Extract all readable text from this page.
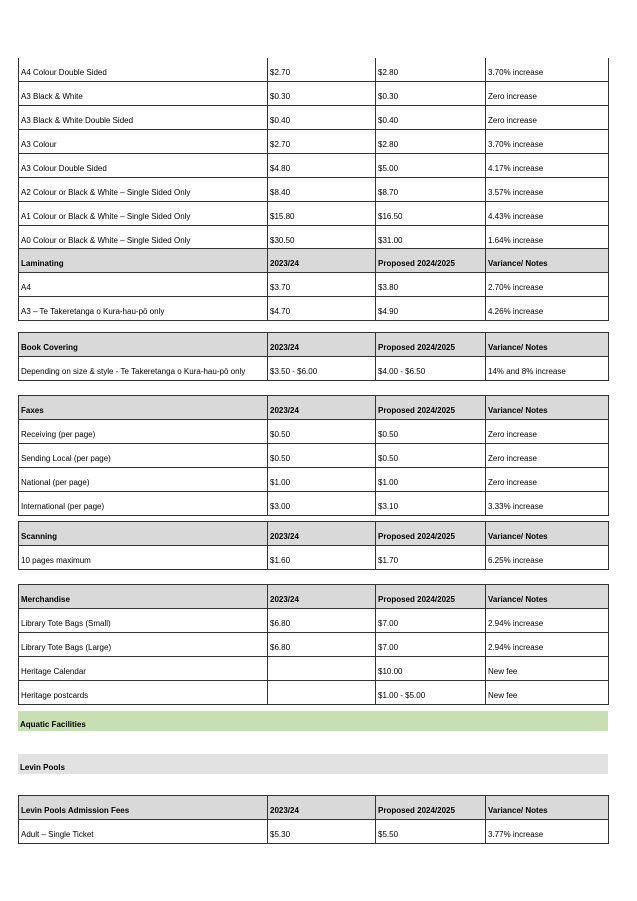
A4 Colour Double Sided	$2.70	$2.80	3.70% increase
A3 Black & White	$0.30	$0.30	Zero increase
A3 Black & White Double Sided	$0.40	$0.40	Zero increase
A3 Colour	$2.70	$2.80	3.70% increase
A3 Colour Double Sided	$4.80	$5.00	4.17% increase
A2 Colour or Black & White – Single Sided Only	$8.40	$8.70	3.57% increase
A1 Colour or Black & White – Single Sided Only	$15.80	$16.50	4.43% increase
A0 Colour or Black & White – Single Sided Only	$30.50	$31.00	1.64% increase
Laminating	2023/24	Proposed 2024/2025	Variance/ Notes
A4	$3.70	$3.80	2.70% increase
A3 – Te Takeretanga o Kura-hau-pō only	$4.70	$4.90	4.26% increase
Book Covering	2023/24	Proposed 2024/2025	Variance/ Notes
Depending on size & style - Te Takeretanga o Kura-hau-pō only	$3.50 - $6.00	$4.00 - $6.50	14% and 8% increase
Faxes	2023/24	Proposed 2024/2025	Variance/ Notes
Receiving (per page)	$0.50	$0.50	Zero increase
Sending Local (per page)	$0.50	$0.50	Zero increase
National (per page)	$1.00	$1.00	Zero increase
International (per page)	$3.00	$3.10	3.33% increase
Scanning	2023/24	Proposed 2024/2025	Variance/ Notes
10 pages maximum	$1.60	$1.70	6.25% increase
Merchandise	2023/24	Proposed 2024/2025	Variance/ Notes
Library Tote Bags (Small)	$6.80	$7.00	2.94% increase
Library Tote Bags (Large)	$6.80	$7.00	2.94% increase
Heritage Calendar		$10.00	New fee
Heritage postcards		$1.00 - $5.00	New fee
Aquatic Facilities
Levin Pools
Levin Pools Admission Fees	2023/24	Proposed 2024/2025	Variance/ Notes
Adult – Single Ticket	$5.30	$5.50	3.77% increase
